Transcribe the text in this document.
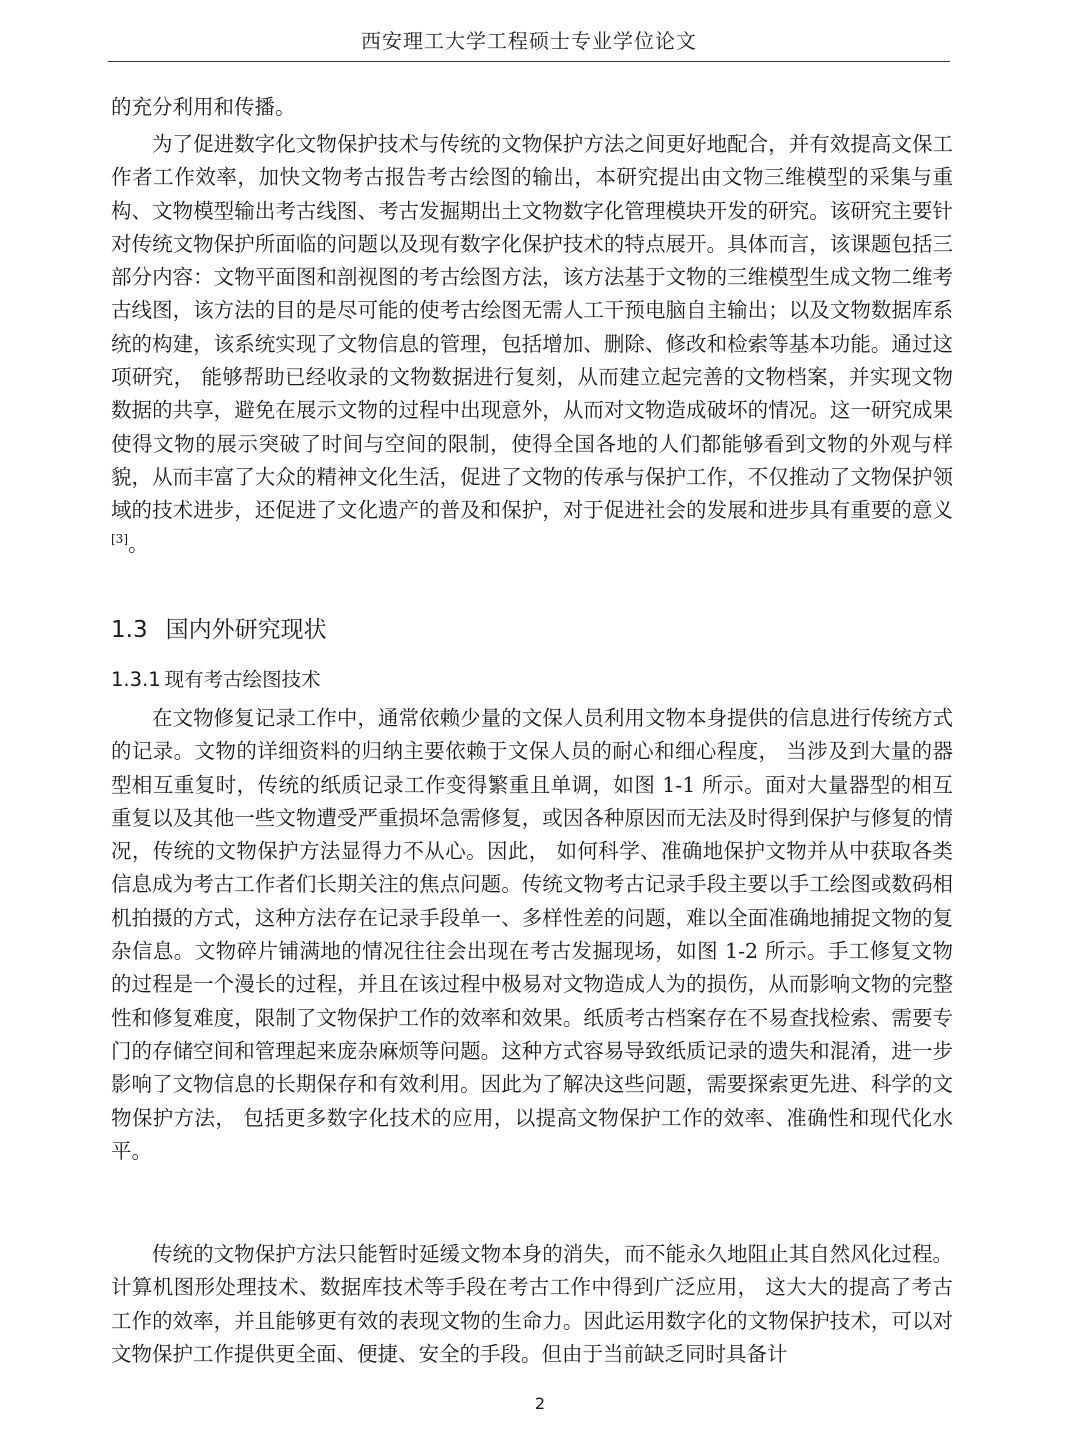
西安理工大学工程硕士专业学位论文

的充分利用和传播。

为了促进数字化文物保护技术与传统的文物保护方法之间更好地配合，并有效提高文保工作者工作效率，加快文物考古报告考古绘图的输出，本研究提出由文物三维模型的采集与重构、文物模型输出考古线图、考古发掘期出土文物数字化管理模块开发的研究。该研究主要针对传统文物保护所面临的问题以及现有数字化保护技术的特点展开。具体而言，该课题包括三部分内容：文物平面图和剖视图的考古绘图方法，该方法基于文物的三维模型生成文物二维考古线图，该方法的目的是尽可能的使考古绘图无需人工干预电脑自主输出；以及文物数据库系统的构建，该系统实现了文物信息的管理，包括增加、删除、修改和检索等基本功能。通过这项研究， 能够帮助已经收录的文物数据进行复刻，从而建立起完善的文物档案，并实现文物数据的共享，避免在展示文物的过程中出现意外，从而对文物造成破坏的情况。这一研究成果使得文物的展示突破了时间与空间的限制，使得全国各地的人们都能够看到文物的外观与样貌，从而丰富了大众的精神文化生活，促进了文物的传承与保护工作，不仅推动了文物保护领域的技术进步，还促进了文化遗产的普及和保护，对于促进社会的发展和进步具有重要的意义[3]。

1.3 国内外研究现状
1.3.1 现有考古绘图技术

在文物修复记录工作中，通常依赖少量的文保人员利用文物本身提供的信息进行传统方式的记录。文物的详细资料的归纳主要依赖于文保人员的耐心和细心程度， 当涉及到大量的器型相互重复时，传统的纸质记录工作变得繁重且单调，如图 1-1 所示。面对大量器型的相互重复以及其他一些文物遭受严重损坏急需修复，或因各种原因而无法及时得到保护与修复的情况，传统的文物保护方法显得力不从心。因此， 如何科学、准确地保护文物并从中获取各类信息成为考古工作者们长期关注的焦点问题。传统文物考古记录手段主要以手工绘图或数码相机拍摄的方式，这种方法存在记录手段单一、多样性差的问题，难以全面准确地捕捉文物的复杂信息。文物碎片铺满地的情况往往会出现在考古发掘现场，如图 1-2 所示。手工修复文物的过程是一个漫长的过程，并且在该过程中极易对文物造成人为的损伤，从而影响文物的完整性和修复难度，限制了文物保护工作的效率和效果。纸质考古档案存在不易查找检索、需要专门的存储空间和管理起来庞杂麻烦等问题。这种方式容易导致纸质记录的遗失和混淆，进一步影响了文物信息的长期保存和有效利用。因此为了解决这些问题，需要探索更先进、科学的文物保护方法， 包括更多数字化技术的应用，以提高文物保护工作的效率、准确性和现代化水平。

传统的文物保护方法只能暂时延缓文物本身的消失，而不能永久地阻止其自然风化过程。计算机图形处理技术、数据库技术等手段在考古工作中得到广泛应用， 这大大的提高了考古工作的效率，并且能够更有效的表现文物的生命力。因此运用数字化的文物保护技术，可以对文物保护工作提供更全面、便捷、安全的手段。但由于当前缺乏同时具备计

2
